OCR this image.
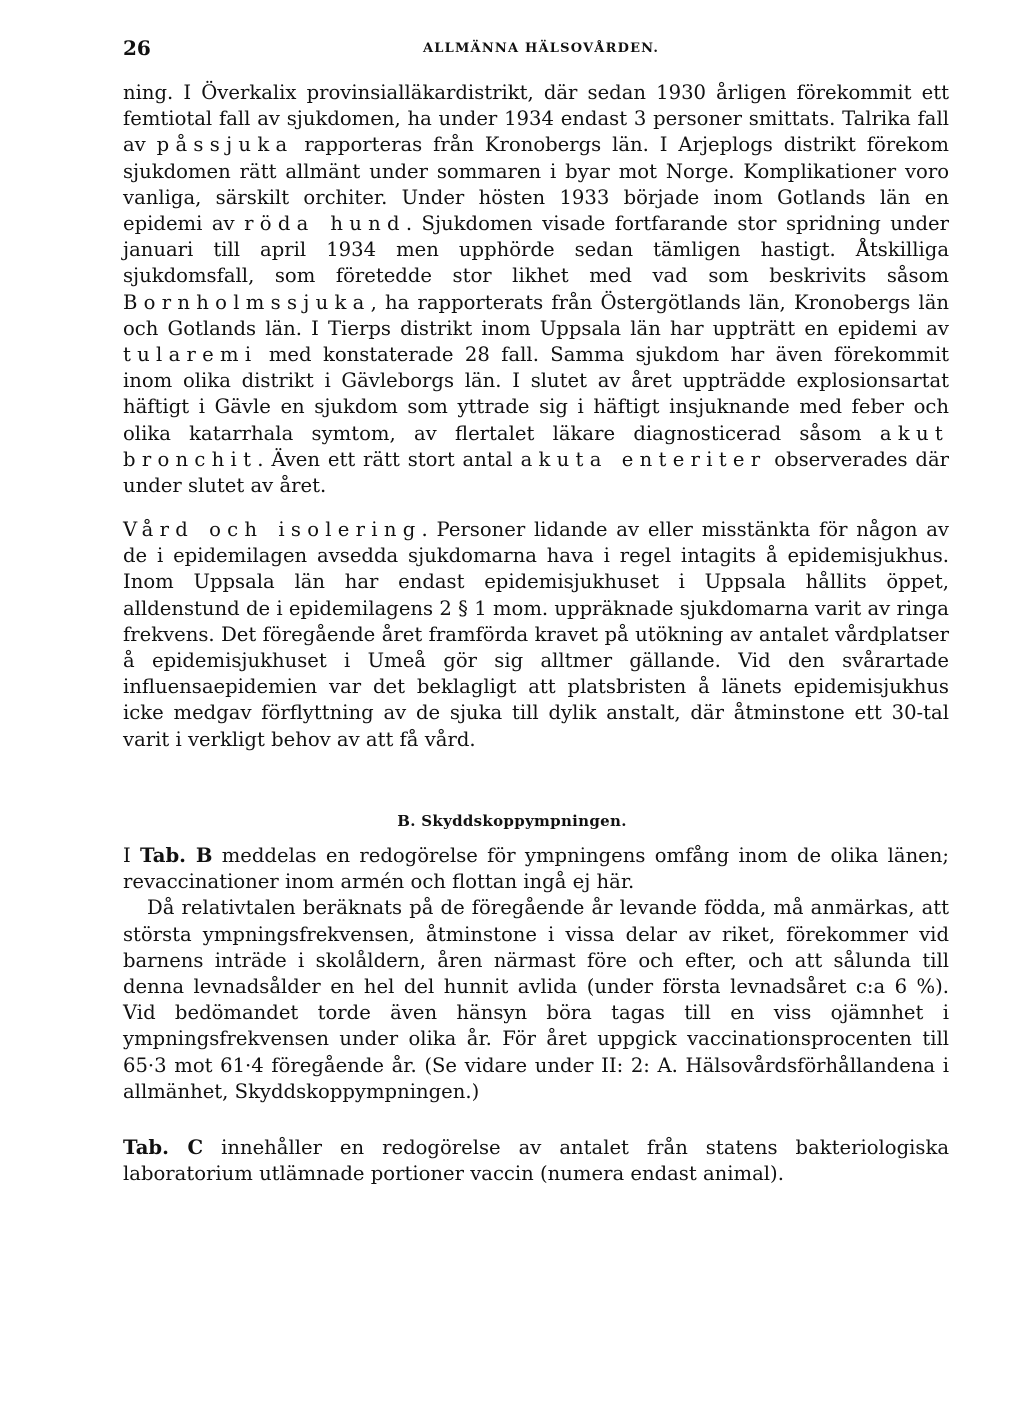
26	ALLMÄNNA HÄLSOVÅRDEN.

ning. I Överkalix provinsialläkardistrikt, där sedan 1930 årligen förekommit ett femtiotal fall av sjukdomen, ha under 1934 endast 3 personer smittats. Talrika fall av påssjuka rapporteras från Kronobergs län. I Arjeplogs distrikt förekom sjukdomen rätt allmänt under sommaren i byar mot Norge. Komplikationer voro vanliga, särskilt orchiter. Under hösten 1933 började inom Gotlands län en epidemi av röda hund. Sjukdomen visade fortfarande stor spridning under januari till april 1934 men upphörde sedan tämligen hastigt. Åtskilliga sjukdomsfall, som företedde stor likhet med vad som beskrivits såsom Bornholmssjuka, ha rapporterats från Östergötlands län, Kronobergs län och Gotlands län. I Tierps distrikt inom Uppsala län har uppträtt en epidemi av tularemi med konstaterade 28 fall. Samma sjukdom har även förekommit inom olika distrikt i Gävleborgs län. I slutet av året uppträdde explosionsartat häftigt i Gävle en sjukdom som yttrade sig i häftigt insjuknande med feber och olika katarrhala symtom, av flertalet läkare diagnosticerad såsom akut bronchit. Även ett rätt stort antal akuta enteriter observerades där under slutet av året.

Vård och isolering. Personer lidande av eller misstänkta för någon av de i epidemilagen avsedda sjukdomarna hava i regel intagits å epidemisjukhus. Inom Uppsala län har endast epidemisjukhuset i Uppsala hållits öppet, alldenstund de i epidemilagens 2 § 1 mom. uppräknade sjukdomarna varit av ringa frekvens. Det föregående året framförda kravet på utökning av antalet vårdplatser å epidemisjukhuset i Umeå gör sig alltmer gällande. Vid den svårartade influensaepidemien var det beklagligt att platsbristen å länets epidemisjukhus icke medgav förflyttning av de sjuka till dylik anstalt, där åtminstone ett 30-tal varit i verkligt behov av att få vård.

B. Skyddskoppympningen.

I Tab. B meddelas en redogörelse för ympningens omfång inom de olika länen; revaccinationer inom armén och flottan ingå ej här.

Då relativtalen beräknats på de föregående år levande födda, må anmärkas, att största ympningsfrekvensen, åtminstone i vissa delar av riket, förekommer vid barnens inträde i skolåldern, åren närmast före och efter, och att sålunda till denna levnadsålder en hel del hunnit avlida (under första levnadsåret c:a 6 %). Vid bedömandet torde även hänsyn böra tagas till en viss ojämnhet i ympningsfrekvensen under olika år. För året uppgick vaccinationsprocenten till 65·3 mot 61·4 föregående år. (Se vidare under II: 2: A. Hälsovårdsförhållandena i allmänhet, Skyddskoppympningen.)

Tab. C innehåller en redogörelse av antalet från statens bakteriologiska laboratorium utlämnade portioner vaccin (numera endast animal).
